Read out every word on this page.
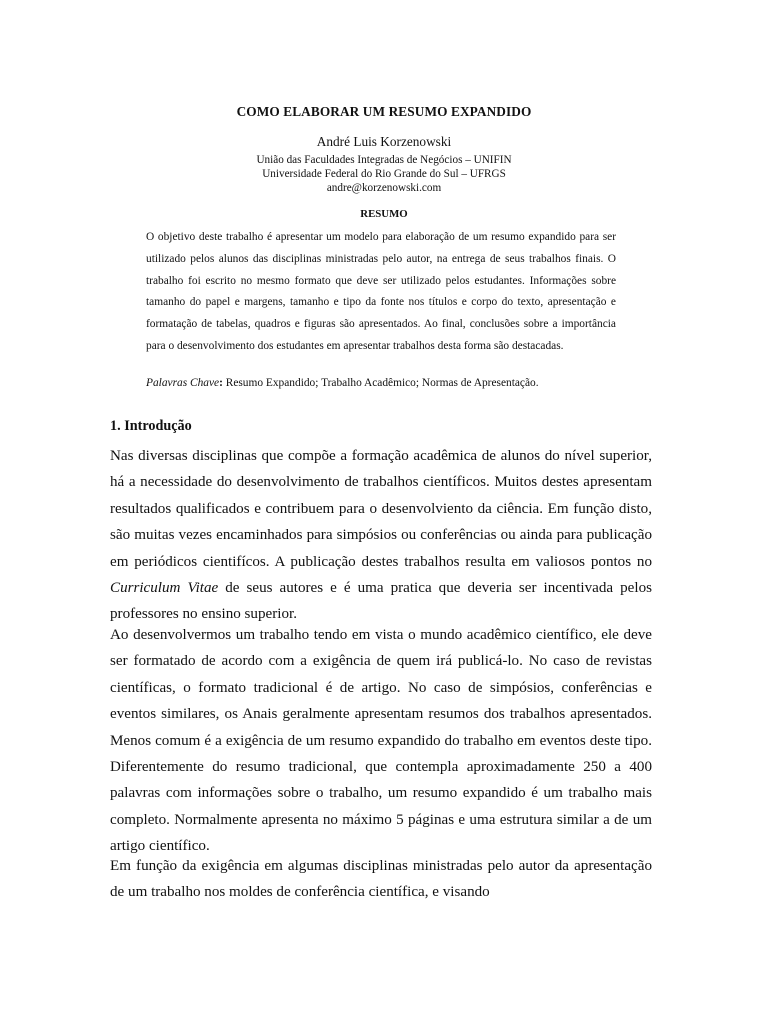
COMO ELABORAR UM RESUMO EXPANDIDO
André Luis Korzenowski
União das Faculdades Integradas de Negócios – UNIFIN
Universidade Federal do Rio Grande do Sul – UFRGS
andre@korzenowski.com
RESUMO

O objetivo deste trabalho é apresentar um modelo para elaboração de um resumo expandido para ser utilizado pelos alunos das disciplinas ministradas pelo autor, na entrega de seus trabalhos finais. O trabalho foi escrito no mesmo formato que deve ser utilizado pelos estudantes. Informações sobre tamanho do papel e margens, tamanho e tipo da fonte nos títulos e corpo do texto, apresentação e formatação de tabelas, quadros e figuras são apresentados. Ao final, conclusões sobre a importância para o desenvolvimento dos estudantes em apresentar trabalhos desta forma são destacadas.

Palavras Chave: Resumo Expandido; Trabalho Acadêmico; Normas de Apresentação.

1. Introdução

Nas diversas disciplinas que compõe a formação acadêmica de alunos do nível superior, há a necessidade do desenvolvimento de trabalhos científicos. Muitos destes apresentam resultados qualificados e contribuem para o desenvolviento da ciência. Em função disto, são muitas vezes encaminhados para simpósios ou conferências ou ainda para publicação em periódicos cientifícos. A publicação destes trabalhos resulta em valiosos pontos no Curriculum Vitae de seus autores e é uma pratica que deveria ser incentivada pelos professores no ensino superior.

Ao desenvolvermos um trabalho tendo em vista o mundo acadêmico científico, ele deve ser formatado de acordo com a exigência de quem irá publicá-lo. No caso de revistas científicas, o formato tradicional é de artigo. No caso de simpósios, conferências e eventos similares, os Anais geralmente apresentam resumos dos trabalhos apresentados. Menos comum é a exigência de um resumo expandido do trabalho em eventos deste tipo. Diferentemente do resumo tradicional, que contempla aproximadamente 250 a 400 palavras com informações sobre o trabalho, um resumo expandido é um trabalho mais completo. Normalmente apresenta no máximo 5 páginas e uma estrutura similar a de um artigo científico.

Em função da exigência em algumas disciplinas ministradas pelo autor da apresentação de um trabalho nos moldes de conferência científica, e visando
